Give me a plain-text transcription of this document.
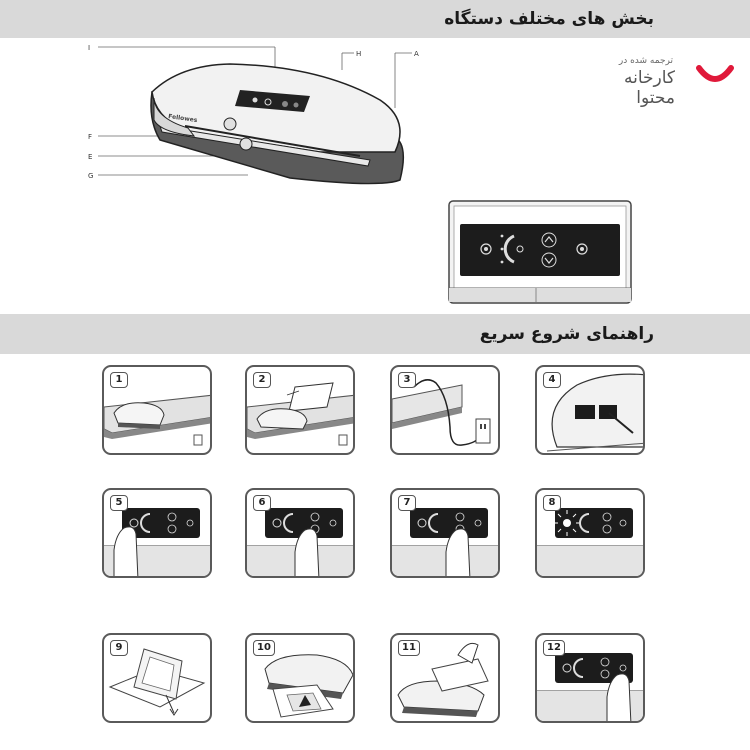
بخش های مختلف دستگاه
ترجمه شده در
کارخانه محتوا
I
F
E
G
H	A
Fellowes
راهنمای شروع سریع
1	2	3	4
5	6	7	8
9	10	11	12
